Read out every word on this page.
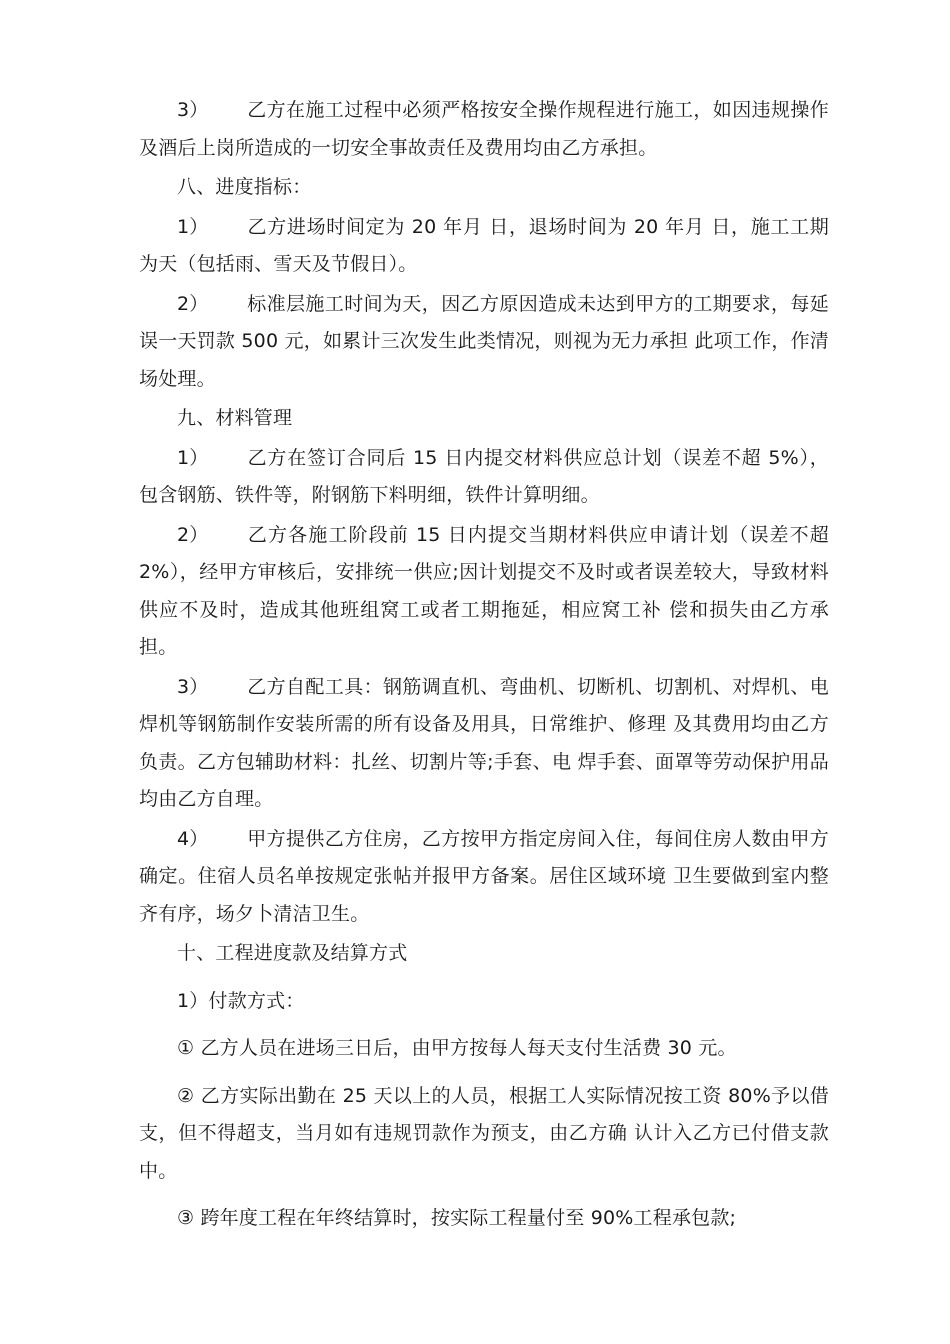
3） 乙方在施工过程中必须严格按安全操作规程进行施工，如因违规操作及酒后上岗所造成的一切安全事故责任及费用均由乙方承担。

八、进度指标：

1） 乙方进场时间定为 20 年月 日，退场时间为 20 年月 日，施工工期为天（包括雨、雪天及节假日）。

2） 标准层施工时间为天，因乙方原因造成未达到甲方的工期要求，每延误一天罚款 500 元，如累计三次发生此类情况，则视为无力承担 此项工作，作清场处理。

九、材料管理

1） 乙方在签订合同后 15 日内提交材料供应总计划（误差不超 5%），包含钢筋、铁件等，附钢筋下料明细，铁件计算明细。

2） 乙方各施工阶段前 15 日内提交当期材料供应申请计划（误差不超 2%），经甲方审核后，安排统一供应;因计划提交不及时或者误差较大，导致材料供应不及时，造成其他班组窝工或者工期拖延，相应窝工补 偿和损失由乙方承担。

3） 乙方自配工具：钢筋调直机、弯曲机、切断机、切割机、对焊机、电焊机等钢筋制作安装所需的所有设备及用具，日常维护、修理 及其费用均由乙方负责。乙方包辅助材料：扎丝、切割片等;手套、电 焊手套、面罩等劳动保护用品均由乙方自理。

4） 甲方提供乙方住房，乙方按甲方指定房间入住，每间住房人数由甲方确定。住宿人员名单按规定张帖并报甲方备案。居住区域环境 卫生要做到室内整齐有序，场夕卜清洁卫生。

十、工程进度款及结算方式

1）付款方式：

① 乙方人员在进场三日后，由甲方按每人每天支付生活费 30 元。

② 乙方实际出勤在 25 天以上的人员，根据工人实际情况按工资 80%予以借支，但不得超支，当月如有违规罚款作为预支，由乙方确 认计入乙方已付借支款中。

③ 跨年度工程在年终结算时，按实际工程量付至 90%工程承包款;
